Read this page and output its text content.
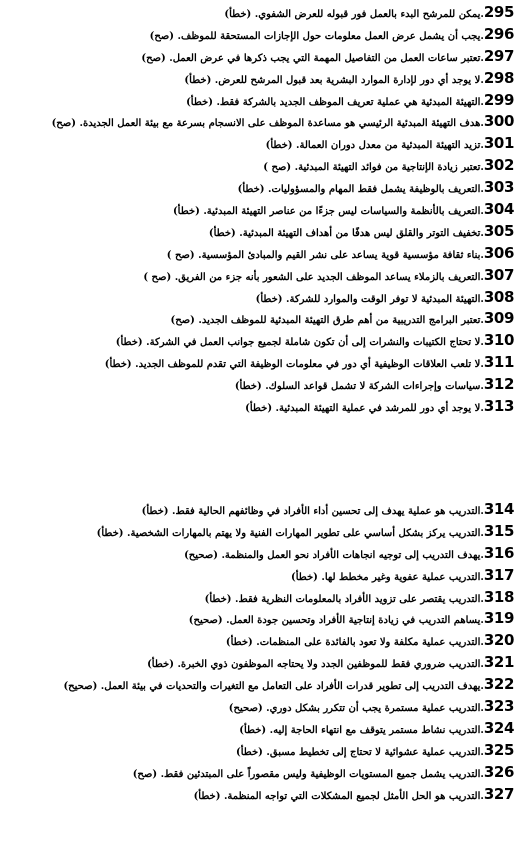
295
.يمكن للمرشح البدء بالعمل فور قبوله للعرض الشفوي. (خطأ)
296
.يجب أن يشمل عرض العمل معلومات حول الإجازات المستحقة للموظف. (صح)
297
.تعتبر ساعات العمل من التفاصيل المهمة التي يجب ذكرها في عرض العمل. (صح)
298
.لا يوجد أي دور لإدارة الموارد البشرية بعد قبول المرشح للعرض. (خطأ)
299
.التهيئة المبدئية هي عملية تعريف الموظف الجديد بالشركة فقط. (خطأ)
300
.هدف التهيئة المبدئية الرئيسي هو مساعدة الموظف على الانسجام بسرعة مع بيئة العمل الجديدة. (صح)
301
.تزيد التهيئة المبدئية من معدل دوران العمالة. (خطأ)
302
.تعتبر زيادة الإنتاجية من فوائد التهيئة المبدئية. (صح )
303
.التعريف بالوظيفة يشمل فقط المهام والمسؤوليات. (خطأ)
304
.التعريف بالأنظمة والسياسات ليس جزءًا من عناصر التهيئة المبدئية. (خطأ)
305
.تخفيف التوتر والقلق ليس هدفًا من أهداف التهيئة المبدئية. (خطأ)
306
.بناء ثقافة مؤسسية قوية يساعد على نشر القيم والمبادئ المؤسسية. (صح )
307
.التعريف بالزملاء يساعد الموظف الجديد على الشعور بأنه جزء من الفريق. (صح )
308
.التهيئة المبدئية لا توفر الوقت والموارد للشركة. (خطأ)
309
.تعتبر البرامج التدريبية من أهم طرق التهيئة المبدئية للموظف الجديد. (صح)
310
.لا تحتاج الكتيبات والنشرات إلى أن تكون شاملة لجميع جوانب العمل في الشركة. (خطأ)
311
.لا تلعب العلاقات الوظيفية أي دور في معلومات الوظيفة التي تقدم للموظف الجديد. (خطأ)
312
.سياسات وإجراءات الشركة لا تشمل قواعد السلوك. (خطأ)
313
.لا يوجد أي دور للمرشد في عملية التهيئة المبدئية. (خطأ)
314
.التدريب هو عملية يهدف إلى تحسين أداء الأفراد في وظائفهم الحالية فقط. (خطأ)
315
.التدريب يركز بشكل أساسي على تطوير المهارات الفنية ولا يهتم بالمهارات الشخصية. (خطأ)
316
.يهدف التدريب إلى توجيه انجاهات الأفراد نحو العمل والمنظمة. (صحيح)
317
.التدريب عملية عفوية وغير مخطط لها. (خطأ)
318
.التدريب يقتصر على تزويد الأفراد بالمعلومات النظرية فقط. (خطأ)
319
.يساهم التدريب في زيادة إنتاجية الأفراد وتحسين جودة العمل. (صحيح)
320
.التدريب عملية مكلفة ولا تعود بالفائدة على المنظمات. (خطأ)
321
.التدريب ضروري فقط للموظفين الجدد ولا يحتاجه الموظفون ذوي الخبرة. (خطأ)
322
.يهدف التدريب إلى تطوير قدرات الأفراد على التعامل مع التغيرات والتحديات في بيئة العمل. (صحيح)
323
.التدريب عملية مستمرة يجب أن تتكرر بشكل دوري. (صحيح)
324
.التدريب نشاط مستمر يتوقف مع انتهاء الحاجة إليه. (خطأ)
325
.التدريب عملية عشوائية لا تحتاج إلى تخطيط مسبق. (خطأ)
326
.التدريب يشمل جميع المستويات الوظيفية وليس مقصوراً على المبتدئين فقط. (صح)
327
.التدريب هو الحل الأمثل لجميع المشكلات التي تواجه المنظمة. (خطأ)
